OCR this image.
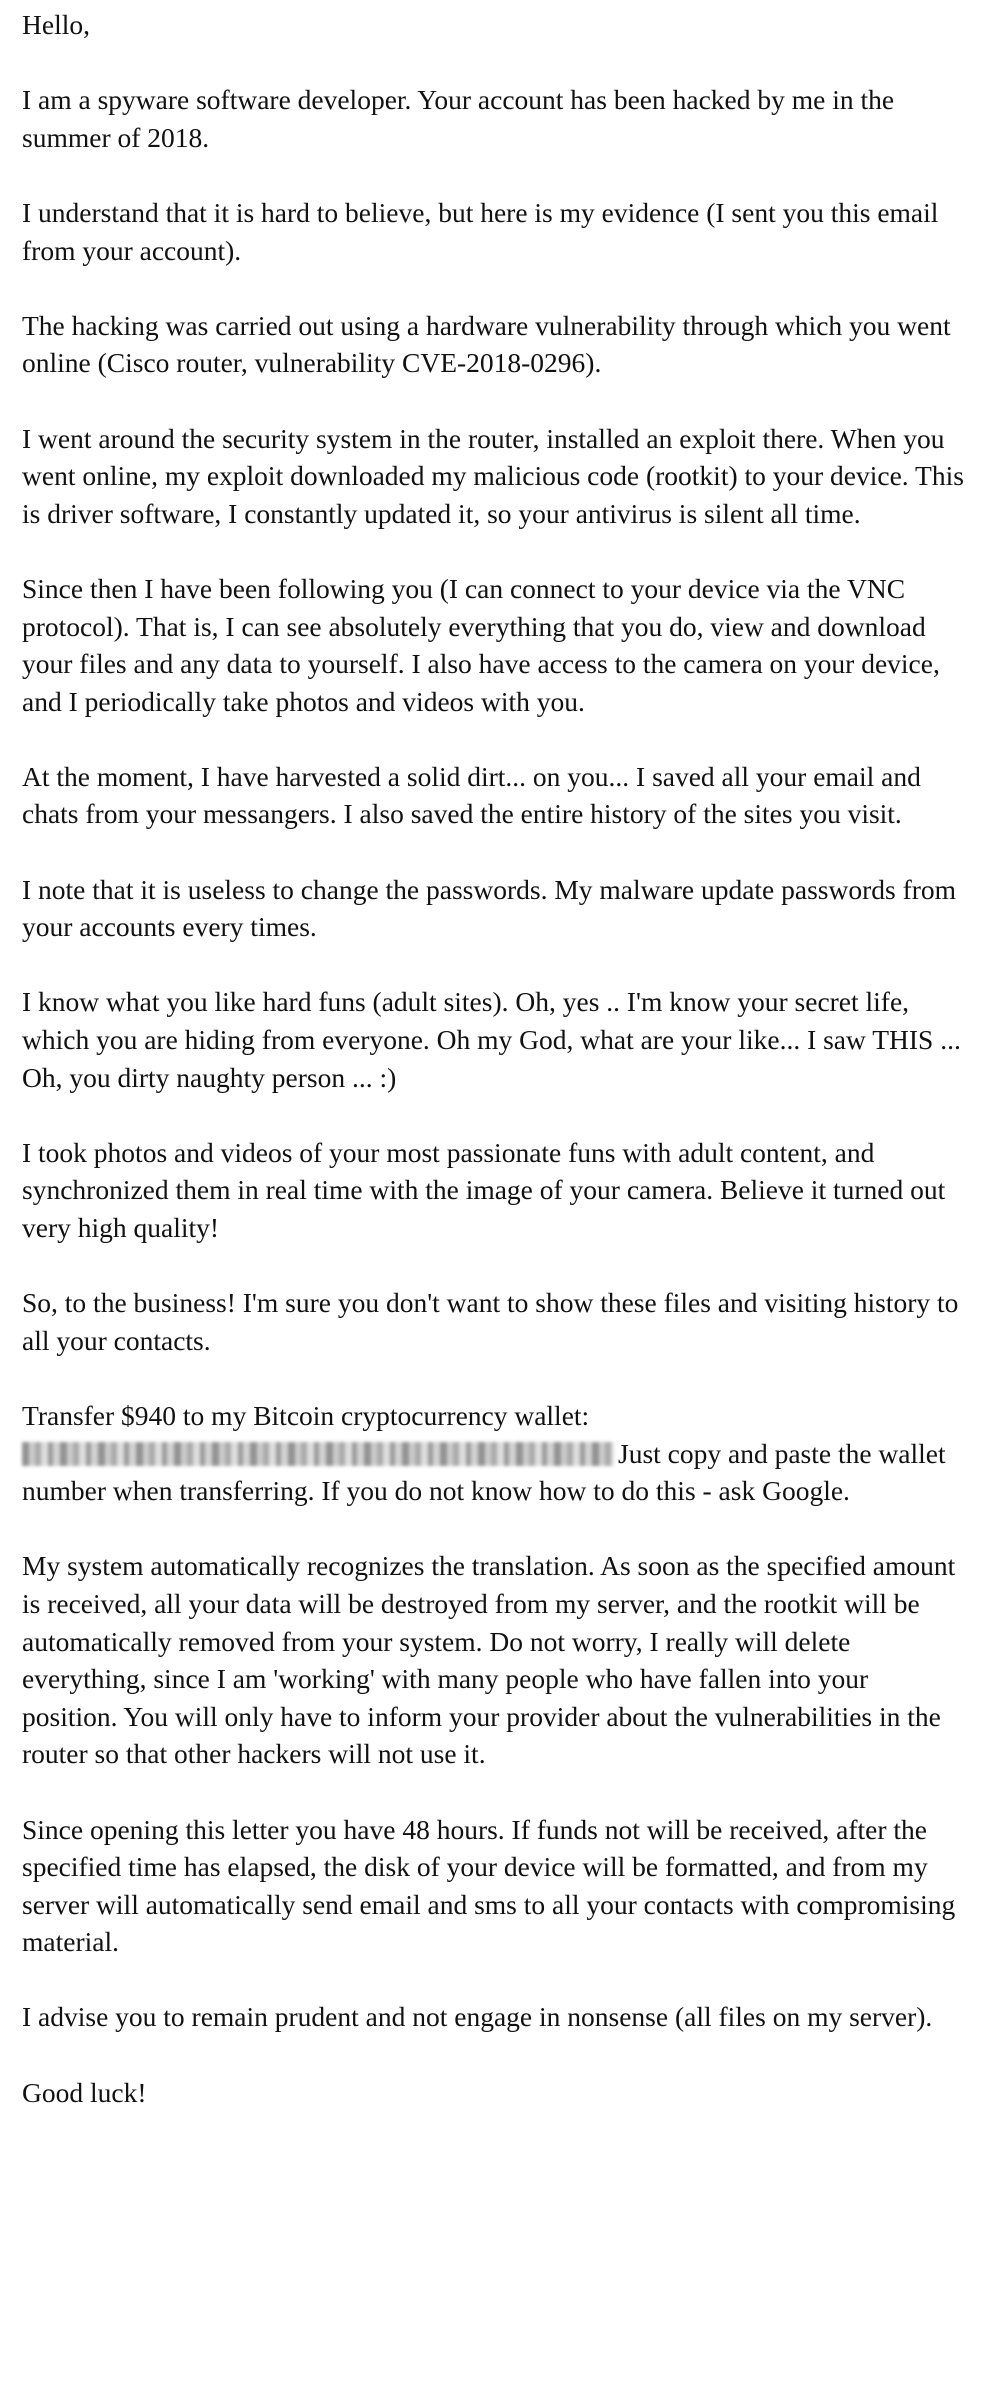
Hello,

I am a spyware software developer. Your account has been hacked by me in the summer of 2018.

I understand that it is hard to believe, but here is my evidence (I sent you this email from your account).

The hacking was carried out using a hardware vulnerability through which you went online (Cisco router, vulnerability CVE-2018-0296).

I went around the security system in the router, installed an exploit there. When you went online, my exploit downloaded my malicious code (rootkit) to your device. This is driver software, I constantly updated it, so your antivirus is silent all time.

Since then I have been following you (I can connect to your device via the VNC protocol). That is, I can see absolutely everything that you do, view and download your files and any data to yourself. I also have access to the camera on your device, and I periodically take photos and videos with you.

At the moment, I have harvested a solid dirt... on you... I saved all your email and chats from your messangers. I also saved the entire history of the sites you visit.

I note that it is useless to change the passwords. My malware update passwords from your accounts every times.

I know what you like hard funs (adult sites). Oh, yes .. I'm know your secret life, which you are hiding from everyone. Oh my God, what are your like... I saw THIS ... Oh, you dirty naughty person ... :)

I took photos and videos of your most passionate funs with adult content, and synchronized them in real time with the image of your camera. Believe it turned out very high quality!

So, to the business! I'm sure you don't want to show these files and visiting history to all your contacts.

Transfer $940 to my Bitcoin cryptocurrency wallet:
Just copy and paste the wallet number when transferring. If you do not know how to do this - ask Google.

My system automatically recognizes the translation. As soon as the specified amount is received, all your data will be destroyed from my server, and the rootkit will be automatically removed from your system. Do not worry, I really will delete everything, since I am 'working' with many people who have fallen into your position. You will only have to inform your provider about the vulnerabilities in the router so that other hackers will not use it.

Since opening this letter you have 48 hours. If funds not will be received, after the specified time has elapsed, the disk of your device will be formatted, and from my server will automatically send email and sms to all your contacts with compromising material.

I advise you to remain prudent and not engage in nonsense (all files on my server).

Good luck!
